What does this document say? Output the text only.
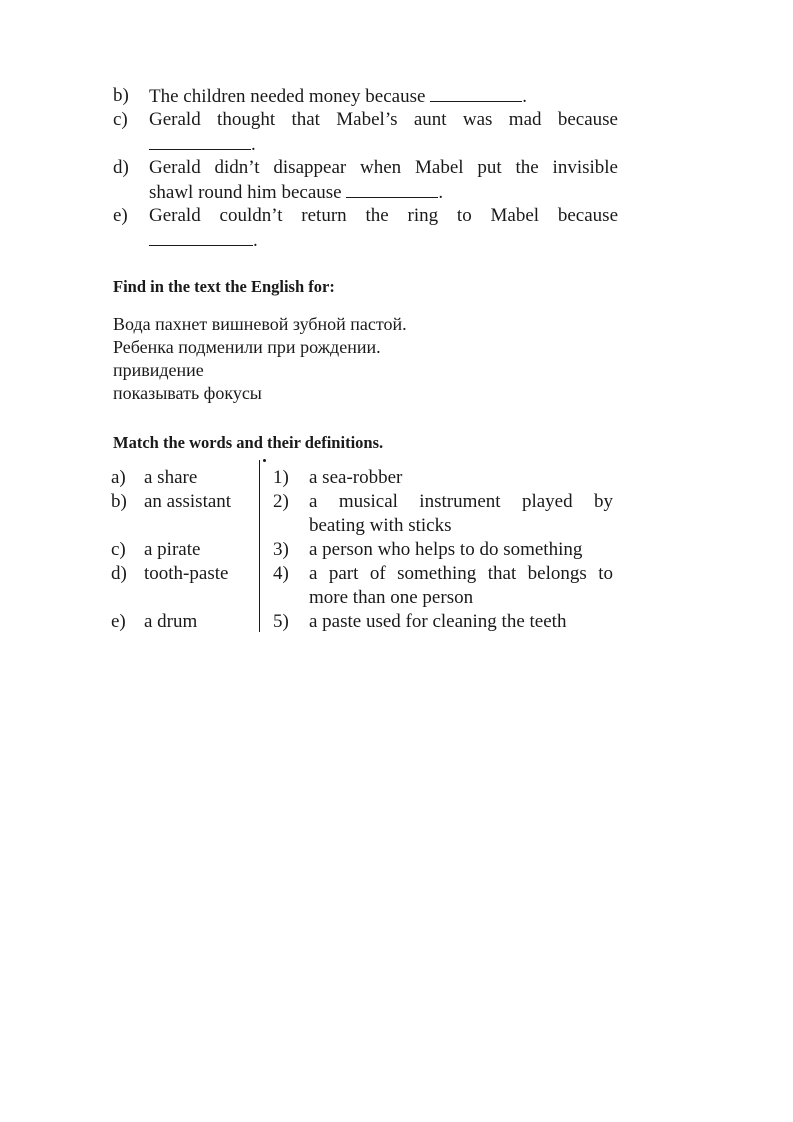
b) The children needed money because	.
c) Gerald thought that Mabel’s aunt was mad because
.
d) Gerald didn’t disappear when Mabel put the invisible
shawl round him because	.
e) Gerald couldn’t return the ring to Mabel because
.
Find in the text the English for:
Вода пахнет вишневой зубной пастой.
Ребенка подменили при рождении.
привидение
показывать фокусы
Match the words and their definitions.
a) a share
b) an assistant
c) a pirate
d) tooth-paste
e) a drum
1) a sea-robber
2) a musical instrument played by
beating with sticks
3) a person who helps to do something
4) a part of something that belongs to
more than one person
5) a paste used for cleaning the teeth
